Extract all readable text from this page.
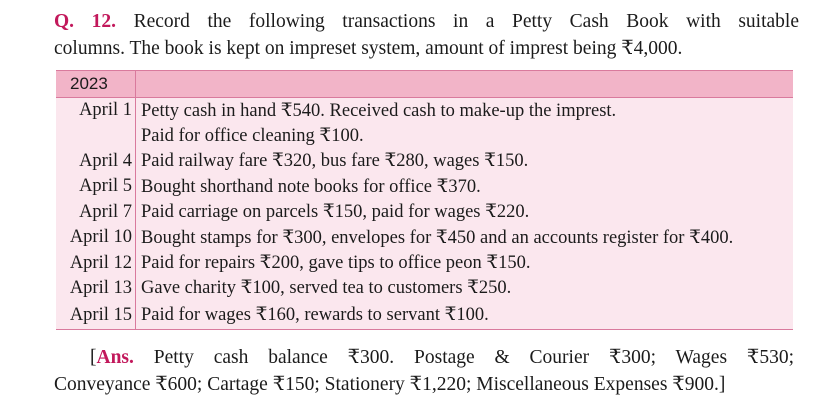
Q. 12. Record the following transactions in a Petty Cash Book with suitable
columns. The book is kept on impreset system, amount of imprest being ₹4,000.
2023	
April 1	Petty cash in hand ₹540. Received cash to make-up the imprest.
	Paid for office cleaning ₹100.
April 4	Paid railway fare ₹320, bus fare ₹280, wages ₹150.
April 5	Bought shorthand note books for office ₹370.
April 7	Paid carriage on parcels ₹150, paid for wages ₹220.
April 10	Bought stamps for ₹300, envelopes for ₹450 and an accounts register for ₹400.
April 12	Paid for repairs ₹200, gave tips to office peon ₹150.
April 13	Gave charity ₹100, served tea to customers ₹250.
April 15	Paid for wages ₹160, rewards to servant ₹100.
[Ans. Petty cash balance ₹300. Postage & Courier ₹300; Wages ₹530;
Conveyance ₹600; Cartage ₹150; Stationery ₹1,220; Miscellaneous Expenses ₹900.]
